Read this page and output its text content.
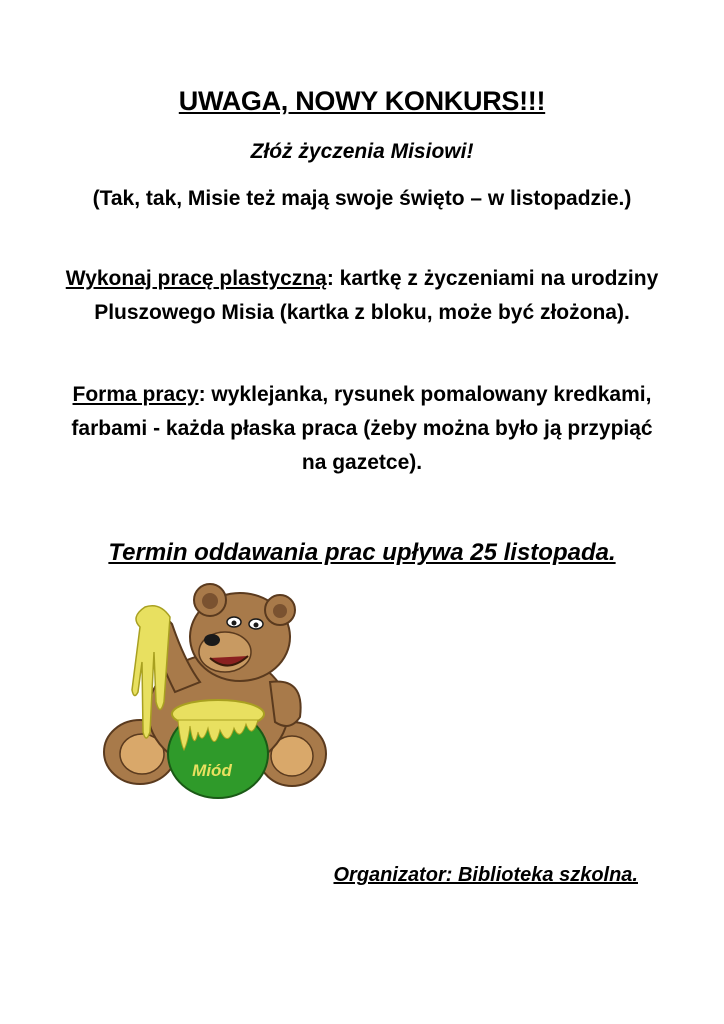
UWAGA, NOWY KONKURS!!!
Złóż życzenia Misiowi!
(Tak, tak, Misie też mają swoje święto – w listopadzie.)
Wykonaj pracę plastyczną: kartkę z życzeniami na urodziny Pluszowego Misia (kartka z bloku, może być złożona).
Forma pracy: wyklejanka, rysunek pomalowany kredkami, farbami - każda płaska praca (żeby można było ją przypiąć na gazetce).
Termin oddawania prac upływa 25 listopada.
Miód
Organizator: Biblioteka szkolna.
